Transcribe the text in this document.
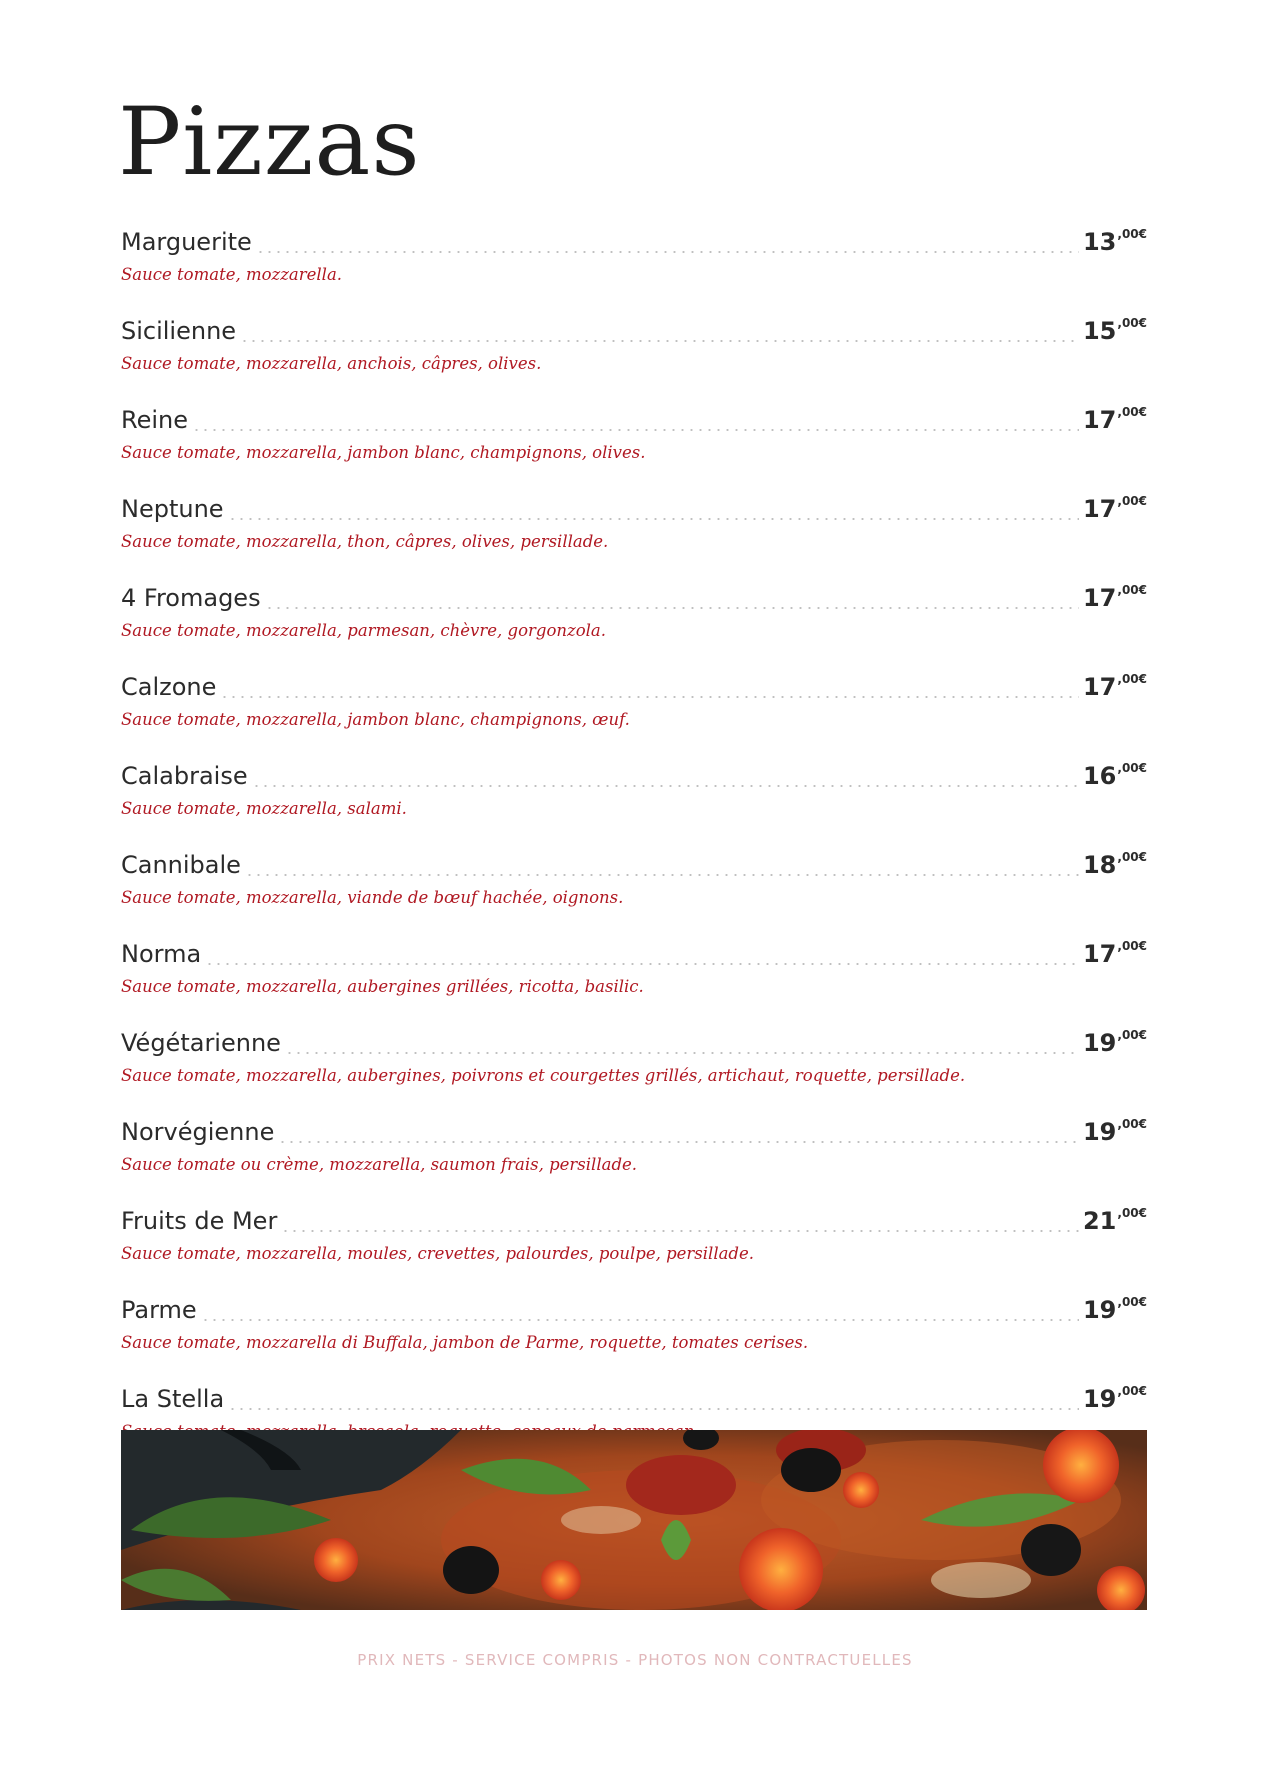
Pizzas
Marguerite	$13^{,00€}$
Sauce tomate, mozzarella.
Sicilienne	$15^{,00€}$
Sauce tomate, mozzarella, anchois, câpres, olives.
Reine	$17^{,00€}$
Sauce tomate, mozzarella, jambon blanc, champignons, olives.
Neptune	$17^{,00€}$
Sauce tomate, mozzarella, thon, câpres, olives, persillade.
4 Fromages	$17^{,00€}$
Sauce tomate, mozzarella, parmesan, chèvre, gorgonzola.
Calzone	$17^{,00€}$
Sauce tomate, mozzarella, jambon blanc, champignons, œuf.
Calabraise	$16^{,00€}$
Sauce tomate, mozzarella, salami.
Cannibale	$18^{,00€}$
Sauce tomate, mozzarella, viande de bœuf hachée, oignons.
Norma	$17^{,00€}$
Sauce tomate, mozzarella, aubergines grillées, ricotta, basilic.
Végétarienne	$19^{,00€}$
Sauce tomate, mozzarella, aubergines, poivrons et courgettes grillés, artichaut, roquette, persillade.
Norvégienne	$19^{,00€}$
Sauce tomate ou crème, mozzarella, saumon frais, persillade.
Fruits de Mer	$21^{,00€}$
Sauce tomate, mozzarella, moules, crevettes, palourdes, poulpe, persillade.
Parme	$19^{,00€}$
Sauce tomate, mozzarella di Buffala, jambon de Parme, roquette, tomates cerises.
La Stella	$19^{,00€}$
PRIX NETS - SERVICE COMPRIS - PHOTOS NON CONTRACTUELLES
